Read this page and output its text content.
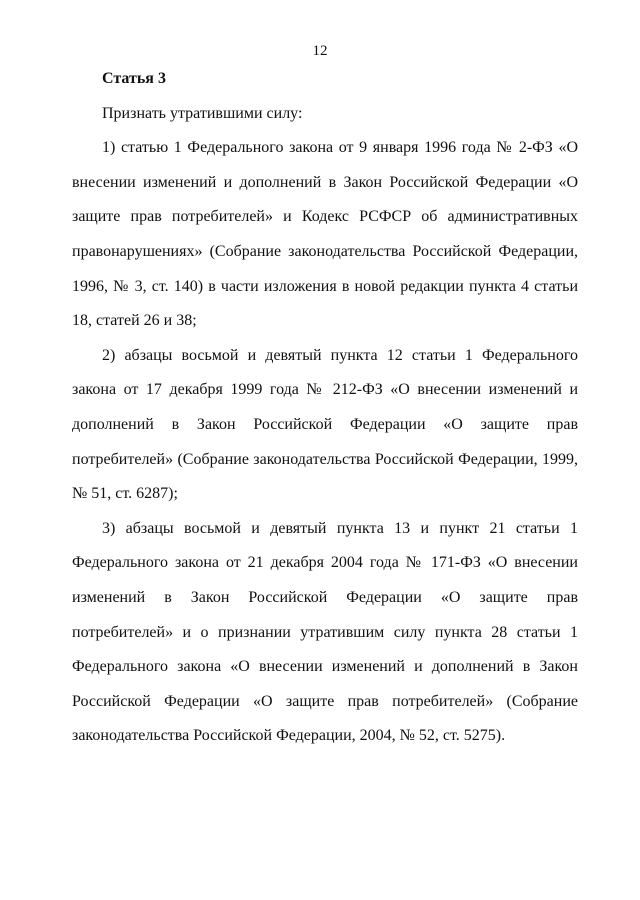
12

Статья 3

Признать утратившими силу:

1) статью 1 Федерального закона от 9 января 1996 года № 2-ФЗ «О внесении изменений и дополнений в Закон Российской Федерации «О защите прав потребителей» и Кодекс РСФСР об административных правонарушениях» (Собрание законодательства Российской Федерации, 1996, № 3, ст. 140) в части изложения в новой редакции пункта 4 статьи 18, статей 26 и 38;

2) абзацы восьмой и девятый пункта 12 статьи 1 Федерального закона от 17 декабря 1999 года № 212-ФЗ «О внесении изменений и дополнений в Закон Российской Федерации «О защите прав потребителей» (Собрание законодательства Российской Федерации, 1999, № 51, ст. 6287);

3) абзацы восьмой и девятый пункта 13 и пункт 21 статьи 1 Федерального закона от 21 декабря 2004 года № 171-ФЗ «О внесении изменений в Закон Российской Федерации «О защите прав потребителей» и о признании утратившим силу пункта 28 статьи 1 Федерального закона «О внесении изменений и дополнений в Закон Российской Федерации «О защите прав потребителей» (Собрание законодательства Российской Федерации, 2004, № 52, ст. 5275).
